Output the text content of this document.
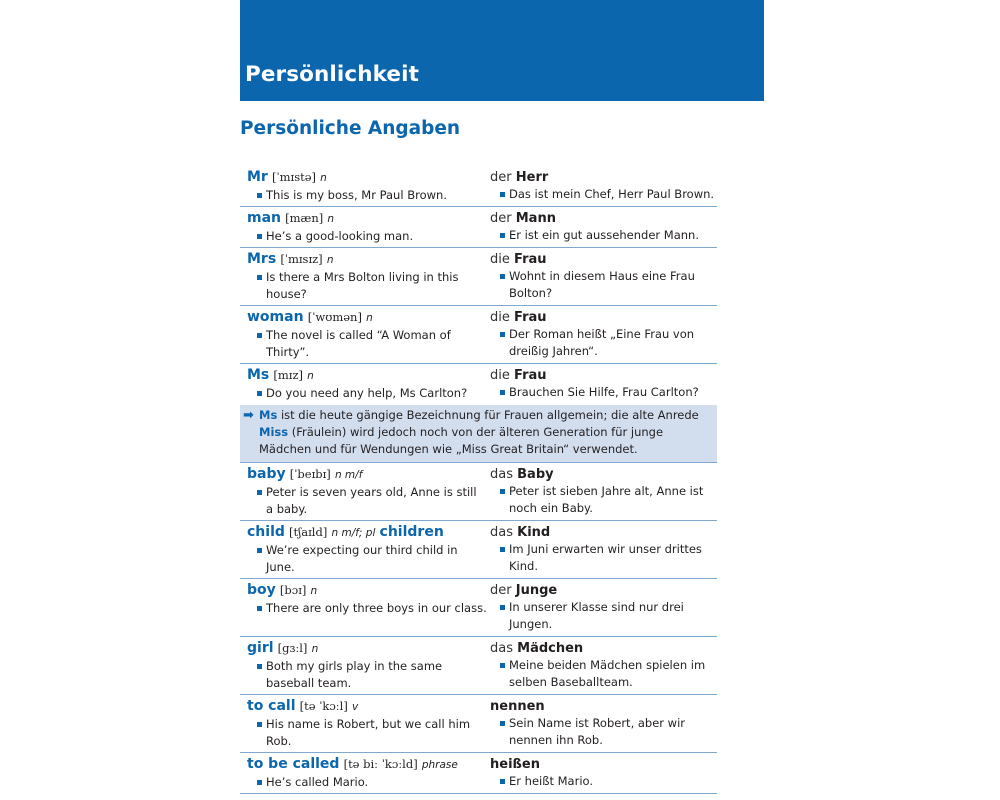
Persönlichkeit
Persönliche Angaben
Mr [ˈmɪstə] n
This is my boss, Mr Paul Brown.
der Herr
Das ist mein Chef, Herr Paul Brown.
man [mæn] n
He’s a good-looking man.
der Mann
Er ist ein gut aussehender Mann.
Mrs [ˈmɪsɪz] n
Is there a Mrs Bolton living in this house?
die Frau
Wohnt in diesem Haus eine Frau Bolton?
woman [ˈwʊmən] n
The novel is called “A Woman of Thirty”.
die Frau
Der Roman heißt „Eine Frau von dreißig Jahren“.
Ms [mɪz] n
Do you need any help, Ms Carlton?
die Frau
Brauchen Sie Hilfe, Frau Carlton?
➡ Ms ist die heute gängige Bezeichnung für Frauen allgemein; die alte Anrede Miss (Fräulein) wird jedoch noch von der älteren Generation für junge Mädchen und für Wendungen wie „Miss Great Britain“ verwendet.
baby [ˈbeɪbɪ] n m/f
Peter is seven years old, Anne is still a baby.
das Baby
Peter ist sieben Jahre alt, Anne ist noch ein Baby.
child [tʃaɪld] n m/f; pl children
We’re expecting our third child in June.
das Kind
Im Juni erwarten wir unser drittes Kind.
boy [bɔɪ] n
There are only three boys in our class.
der Junge
In unserer Klasse sind nur drei Jungen.
girl [gɜːl] n
Both my girls play in the same baseball team.
das Mädchen
Meine beiden Mädchen spielen im selben Baseballteam.
to call [tə ˈkɔːl] v
His name is Robert, but we call him Rob.
nennen
Sein Name ist Robert, aber wir nennen ihn Rob.
to be called [tə biː ˈkɔːld] phrase
He’s called Mario.
heißen
Er heißt Mario.
